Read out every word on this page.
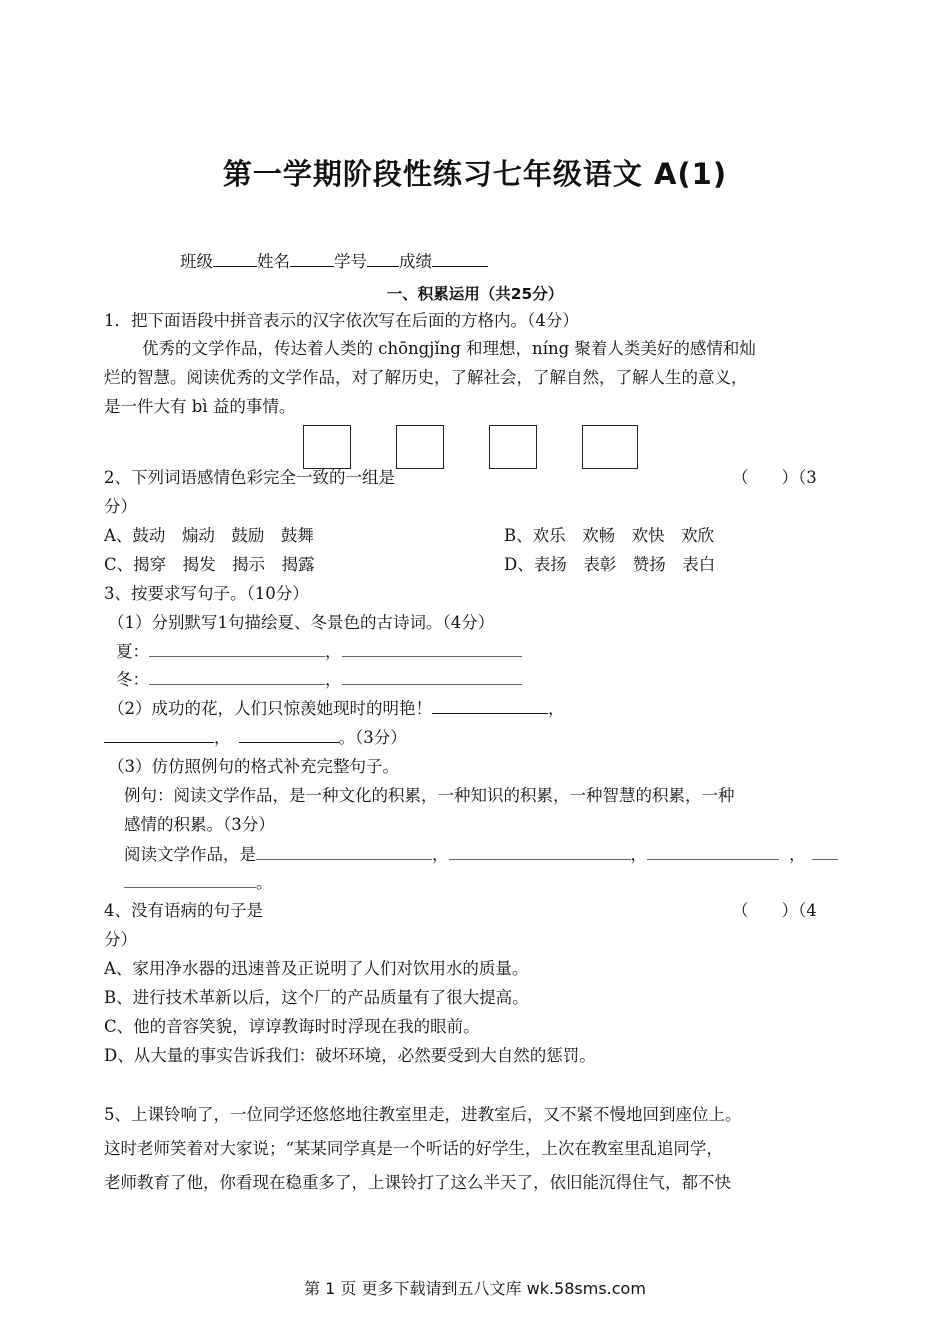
第一学期阶段性练习七年级语文 A(1)
班级	姓名	学号 成绩
一、积累运用（共25分）
1．把下面语段中拼音表示的汉字依次写在后面的方格内。（4分）
优秀的文学作品，传达着人类的 chōngjǐng 和理想，níng 聚着人类美好的感情和灿
烂的智慧。阅读优秀的文学作品，对了解历史，了解社会，了解自然，了解人生的意义，
是一件大有 bì 益的事情。
2、下列词语感情色彩完全一致的一组是	（　　）（3
分）
A、鼓动　煽动　鼓励　鼓舞	B、欢乐　欢畅　欢快　欢欣
C、揭穿　揭发　揭示　揭露	D、表扬　表彰　赞扬　表白
3、按要求写句子。（10分）
（1）分别默写1句描绘夏、冬景色的古诗词。（4分）
夏：	，
冬：	，
（2）成功的花，人们只惊羡她现时的明艳！	，
，	。（3分）
（3）仿仿照例句的格式补充完整句子。
例句：阅读文学作品，是一种文化的积累，一种知识的积累，一种智慧的积累，一种
感情的积累。（3分）
阅读文学作品，是	，	，	，
。
4、没有语病的句子是	（　　）（4
分）
A、家用净水器的迅速普及正说明了人们对饮用水的质量。
B、进行技术革新以后，这个厂的产品质量有了很大提高。
C、他的音容笑貌，谆谆教诲时时浮现在我的眼前。
D、从大量的事实告诉我们：破坏环境，必然要受到大自然的惩罚。
5、上课铃响了，一位同学还悠悠地往教室里走，进教室后，又不紧不慢地回到座位上。
这时老师笑着对大家说；“某某同学真是一个听话的好学生，上次在教室里乱追同学，
老师教育了他，你看现在稳重多了，上课铃打了这么半天了，依旧能沉得住气，都不快
第 1 页 更多下载请到五八文库 wk.58sms.com
